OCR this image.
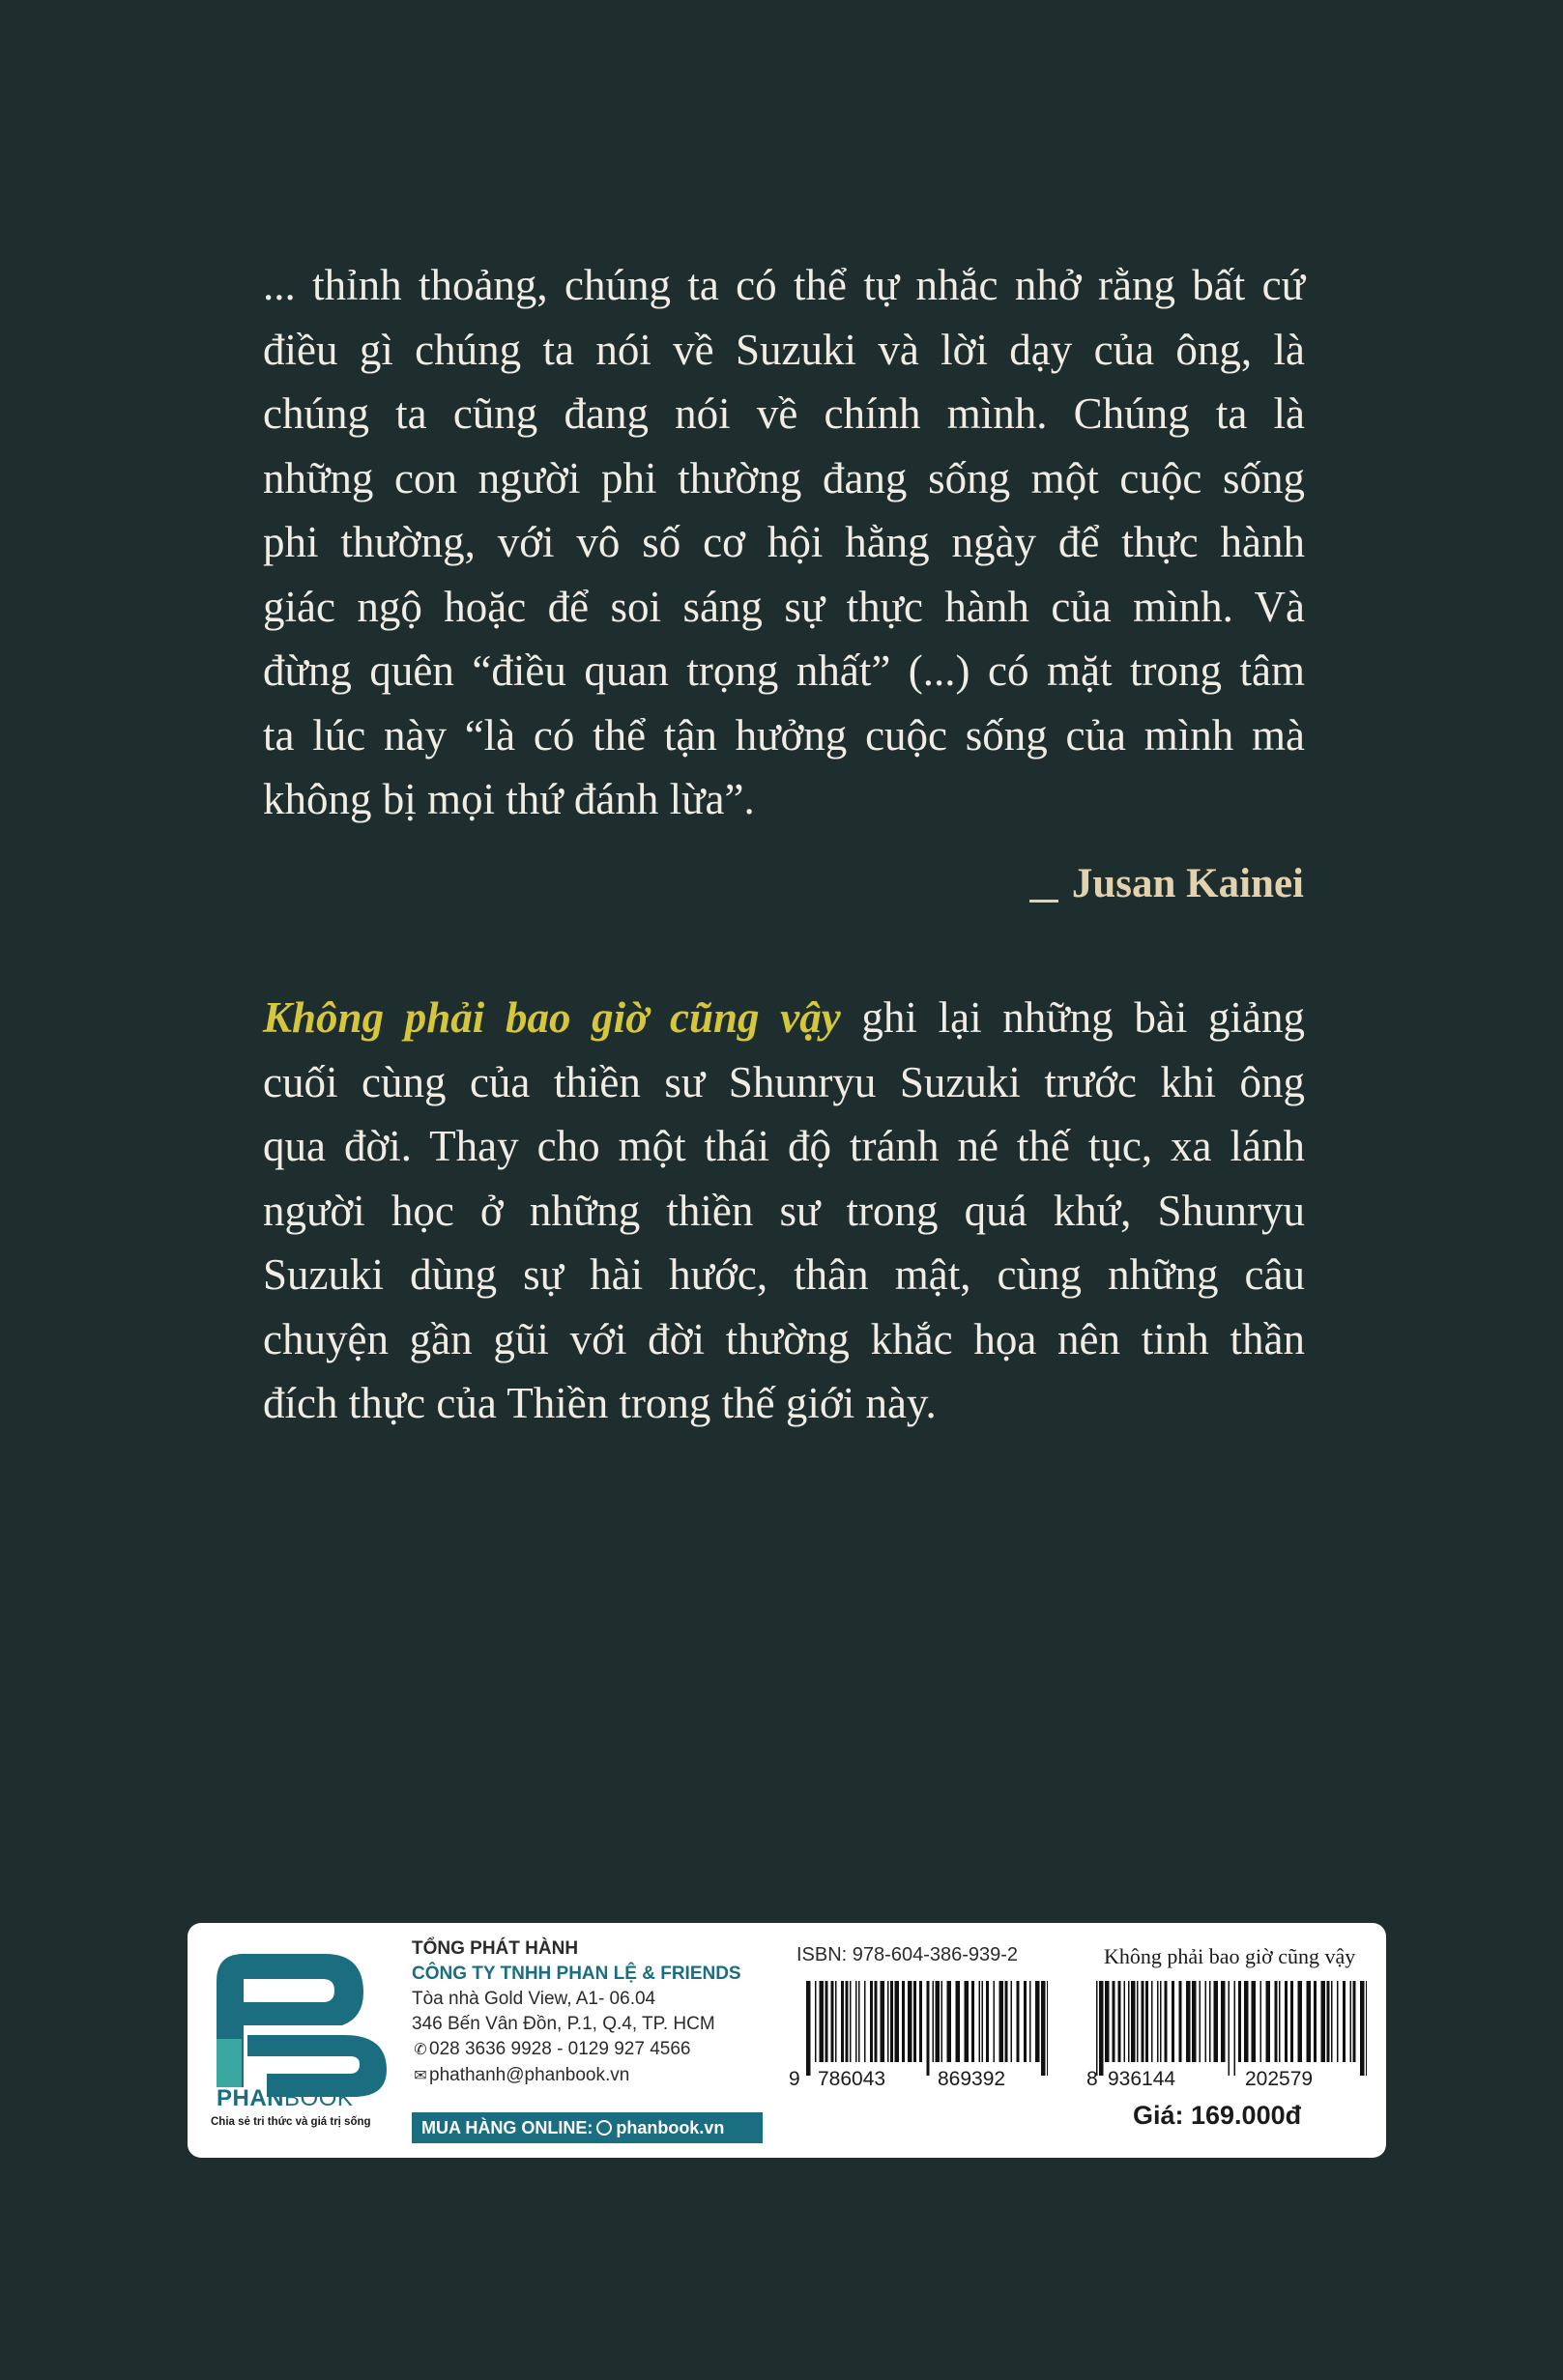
... thỉnh thoảng, chúng ta có thể tự nhắc nhở rằng bất cứ
điều gì chúng ta nói về Suzuki và lời dạy của ông, là
chúng ta cũng đang nói về chính mình. Chúng ta là
những con người phi thường đang sống một cuộc sống
phi thường, với vô số cơ hội hằng ngày để thực hành
giác ngộ hoặc để soi sáng sự thực hành của mình. Và
đừng quên “điều quan trọng nhất” (...) có mặt trong tâm
ta lúc này “là có thể tận hưởng cuộc sống của mình mà
không bị mọi thứ đánh lừa”.
Jusan Kainei
Không phải bao giờ cũng vậy ghi lại những bài giảng
cuối cùng của thiền sư Shunryu Suzuki trước khi ông
qua đời. Thay cho một thái độ tránh né thế tục, xa lánh
người học ở những thiền sư trong quá khứ, Shunryu
Suzuki dùng sự hài hước, thân mật, cùng những câu
chuyện gần gũi với đời thường khắc họa nên tinh thần
đích thực của Thiền trong thế giới này.
PHANBOOK
Chia sẻ tri thức và giá trị sống
TỔNG PHÁT HÀNH
CÔNG TY TNHH PHAN LỆ & FRIENDS
Tòa nhà Gold View, A1- 06.04
346 Bến Vân Đồn, P.1, Q.4, TP. HCM
✆ 028 3636 9928 - 0129 927 4566
✉ phathanh@phanbook.vn
MUA HÀNG ONLINE: phanbook.vn
ISBN: 978-604-386-939-2
9 786043	869392
Không phải bao giờ cũng vậy
8 936144	202579
Giá: 169.000đ
